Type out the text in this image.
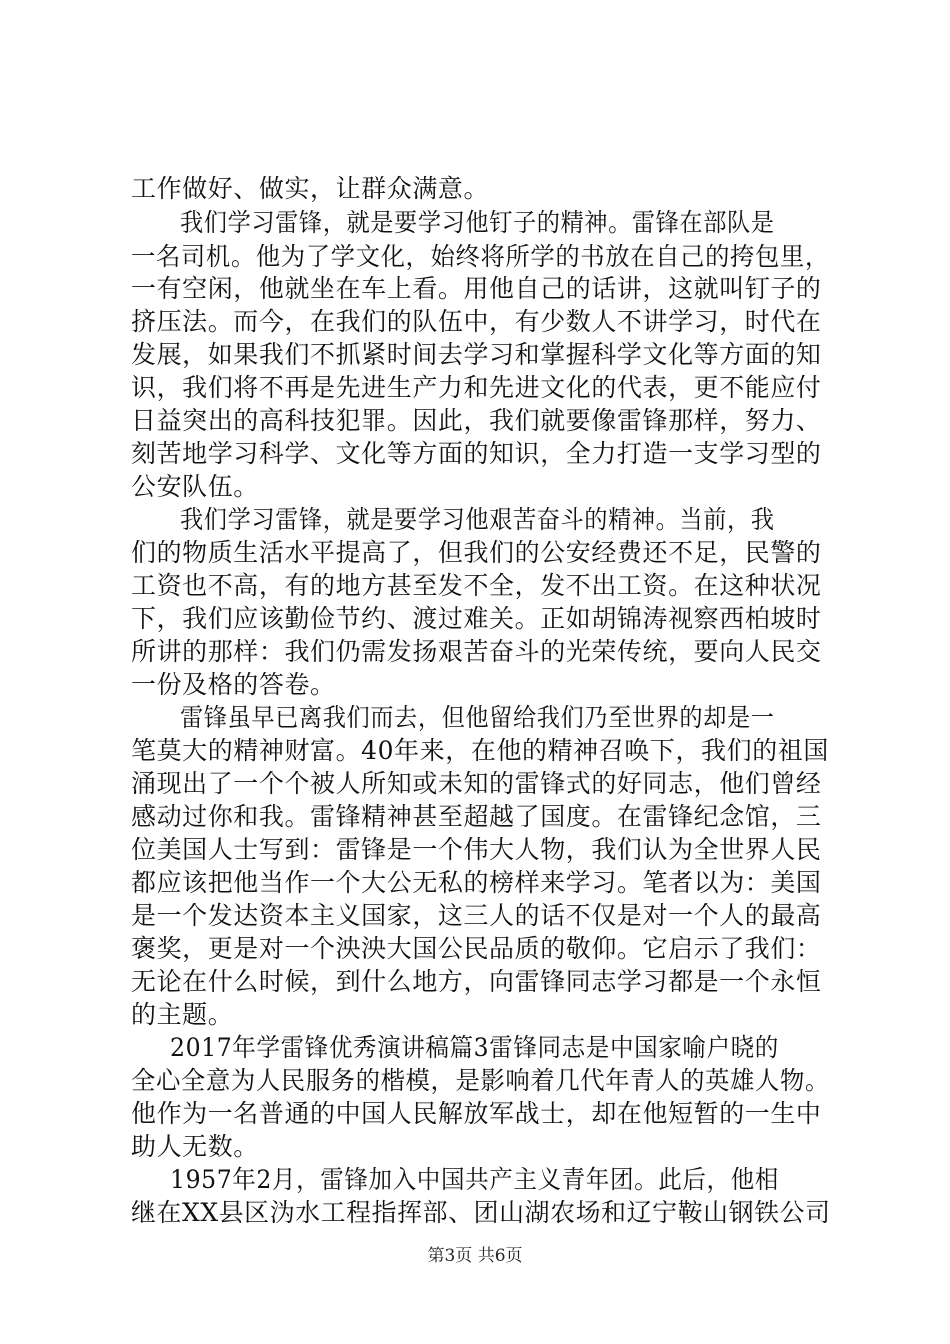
工作做好、做实，让群众满意。
我们学习雷锋，就是要学习他钉子的精神。雷锋在部队是
一名司机。他为了学文化，始终将所学的书放在自己的挎包里，
一有空闲，他就坐在车上看。用他自己的话讲，这就叫钉子的
挤压法。而今，在我们的队伍中，有少数人不讲学习，时代在
发展，如果我们不抓紧时间去学习和掌握科学文化等方面的知
识，我们将不再是先进生产力和先进文化的代表，更不能应付
日益突出的高科技犯罪。因此，我们就要像雷锋那样，努力、
刻苦地学习科学、文化等方面的知识，全力打造一支学习型的
公安队伍。
我们学习雷锋，就是要学习他艰苦奋斗的精神。当前，我
们的物质生活水平提高了，但我们的公安经费还不足，民警的
工资也不高，有的地方甚至发不全，发不出工资。在这种状况
下，我们应该勤俭节约、渡过难关。正如胡锦涛视察西柏坡时
所讲的那样：我们仍需发扬艰苦奋斗的光荣传统，要向人民交
一份及格的答卷。
雷锋虽早已离我们而去，但他留给我们乃至世界的却是一
笔莫大的精神财富。40年来，在他的精神召唤下，我们的祖国
涌现出了一个个被人所知或未知的雷锋式的好同志，他们曾经
感动过你和我。雷锋精神甚至超越了国度。在雷锋纪念馆，三
位美国人士写到：雷锋是一个伟大人物，我们认为全世界人民
都应该把他当作一个大公无私的榜样来学习。笔者以为：美国
是一个发达资本主义国家，这三人的话不仅是对一个人的最高
褒奖，更是对一个泱泱大国公民品质的敬仰。它启示了我们：
无论在什么时候，到什么地方，向雷锋同志学习都是一个永恒
的主题。
2017年学雷锋优秀演讲稿篇3雷锋同志是中国家喻户晓的
全心全意为人民服务的楷模，是影响着几代年青人的英雄人物。
他作为一名普通的中国人民解放军战士，却在他短暂的一生中
助人无数。
1957年2月，雷锋加入中国共产主义青年团。此后，他相
继在XX县区沩水工程指挥部、团山湖农场和辽宁鞍山钢铁公司
第3页 共6页
